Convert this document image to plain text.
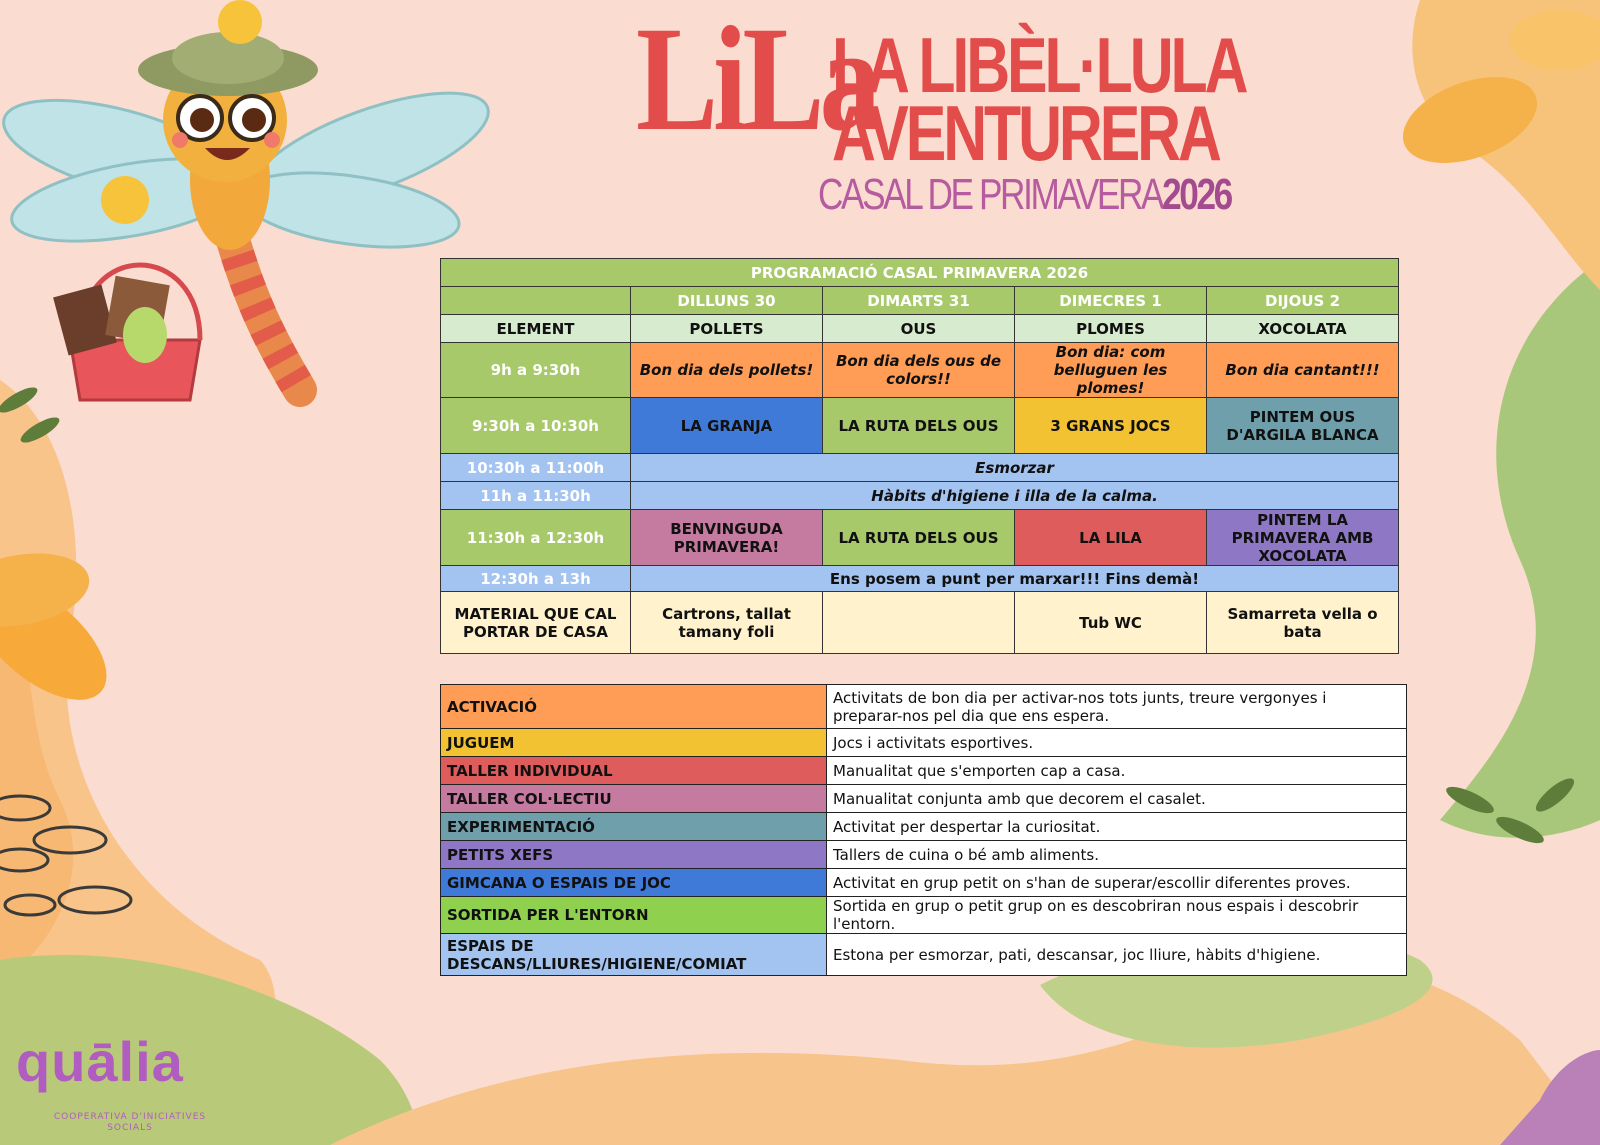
LiLa
LA LIBÈL·LULA
AVENTURERA
CASAL DE PRIMAVERA2026
PROGRAMACIÓ CASAL PRIMAVERA 2026				
	DILLUNS 30	DIMARTS 31	DIMECRES 1	DIJOUS 2
ELEMENT	POLLETS	OUS	PLOMES	XOCOLATA
9h a 9:30h	Bon dia dels pollets!	Bon dia dels ous de colors!!	Bon dia: com belluguen les plomes!	Bon dia cantant!!!
9:30h a 10:30h	LA GRANJA	LA RUTA DELS OUS	3 GRANS JOCS	PINTEM OUS D'ARGILA BLANCA
10:30h a 11:00h	Esmorzar			
11h a 11:30h	Hàbits d'higiene i illa de la calma.			
11:30h a 12:30h	BENVINGUDA PRIMAVERA!	LA RUTA DELS OUS	LA LILA	PINTEM LA PRIMAVERA AMB XOCOLATA
12:30h a 13h	Ens posem a punt per marxar!!! Fins demà!			
MATERIAL QUE CAL PORTAR DE CASA	Cartrons, tallat tamany foli		Tub WC	Samarreta vella o bata
ACTIVACIÓ	Activitats de bon dia per activar-nos tots junts, treure vergonyes i preparar-nos pel dia que ens espera.
JUGUEM	Jocs i activitats esportives.
TALLER INDIVIDUAL	Manualitat que s'emporten cap a casa.
TALLER COL·LECTIU	Manualitat conjunta amb que decorem el casalet.
EXPERIMENTACIÓ	Activitat per despertar la curiositat.
PETITS XEFS	Tallers de cuina o bé amb aliments.
GIMCANA O ESPAIS DE JOC	Activitat en grup petit on s'han de superar/escollir diferentes proves.
SORTIDA PER L'ENTORN	Sortida en grup o petit grup on es descobriran nous espais i descobrir l'entorn.
ESPAIS DE DESCANS/LLIURES/HIGIENE/COMIAT	Estona per esmorzar, pati, descansar, joc lliure, hàbits d'higiene.
quālia
COOPERATIVA D'INICIATIVES SOCIALS
